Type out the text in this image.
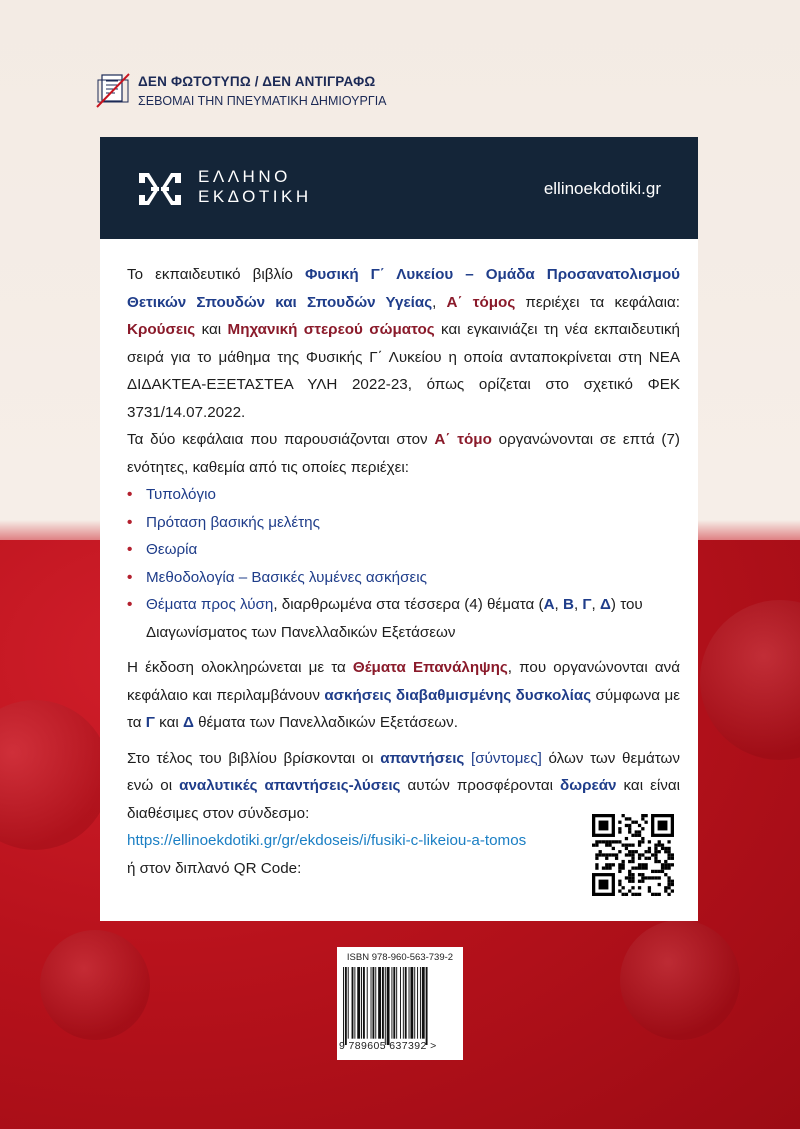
ΔΕΝ ΦΩΤΟΤΥΠΩ / ΔΕΝ ΑΝΤΙΓΡΑΦΩ
ΣΕΒΟΜΑΙ ΤΗΝ ΠΝΕΥΜΑΤΙΚΗ ΔΗΜΙΟΥΡΓΙΑ
ΕΛΛΗΝΟ
ΕΚΔΟΤΙΚΗ	ellinoekdotiki.gr

Το εκπαιδευτικό βιβλίο Φυσική Γ΄ Λυκείου – Ομάδα Προσανατολισμού Θετικών Σπουδών και Σπουδών Υγείας, Α΄ τόμος περιέχει τα κεφάλαια: Κρούσεις και Μηχανική στερεού σώματος και εγκαινιάζει τη νέα εκπαιδευτική σειρά για το μάθημα της Φυσικής Γ΄ Λυκείου η οποία ανταποκρίνεται στη ΝΕΑ ΔΙΔΑΚΤΕΑ-ΕΞΕΤΑΣΤΕΑ ΥΛΗ 2022-23, όπως ορίζεται στο σχετικό ΦΕΚ 3731/14.07.2022.

Τα δύο κεφάλαια που παρουσιάζονται στον Α΄ τόμο οργανώνονται σε επτά (7) ενότητες, καθεμία από τις οποίες περιέχει:

• Τυπολόγιο
• Πρόταση βασικής μελέτης
• Θεωρία
• Μεθοδολογία – Βασικές λυμένες ασκήσεις
• Θέματα προς λύση, διαρθρωμένα στα τέσσερα (4) θέματα (Α, Β, Γ, Δ) του Διαγωνίσματος των Πανελλαδικών Εξετάσεων

Η έκδοση ολοκληρώνεται με τα Θέματα Επανάληψης, που οργανώνονται ανά κεφάλαιο και περιλαμβάνουν ασκήσεις διαβαθμισμένης δυσκολίας σύμφωνα με τα Γ και Δ θέματα των Πανελλαδικών Εξετάσεων.

Στο τέλος του βιβλίου βρίσκονται οι απαντήσεις [σύντομες] όλων των θεμάτων ενώ οι αναλυτικές απαντήσεις-λύσεις αυτών προσφέρονται δωρεάν και είναι διαθέσιμες στον σύνδεσμο:

https://ellinoekdotiki.gr/gr/ekdoseis/i/fusiki-c-likeiou-a-tomos

ή στον διπλανό QR Code:

ISBN 978-960-563-739-2
9 789605 637392 >
